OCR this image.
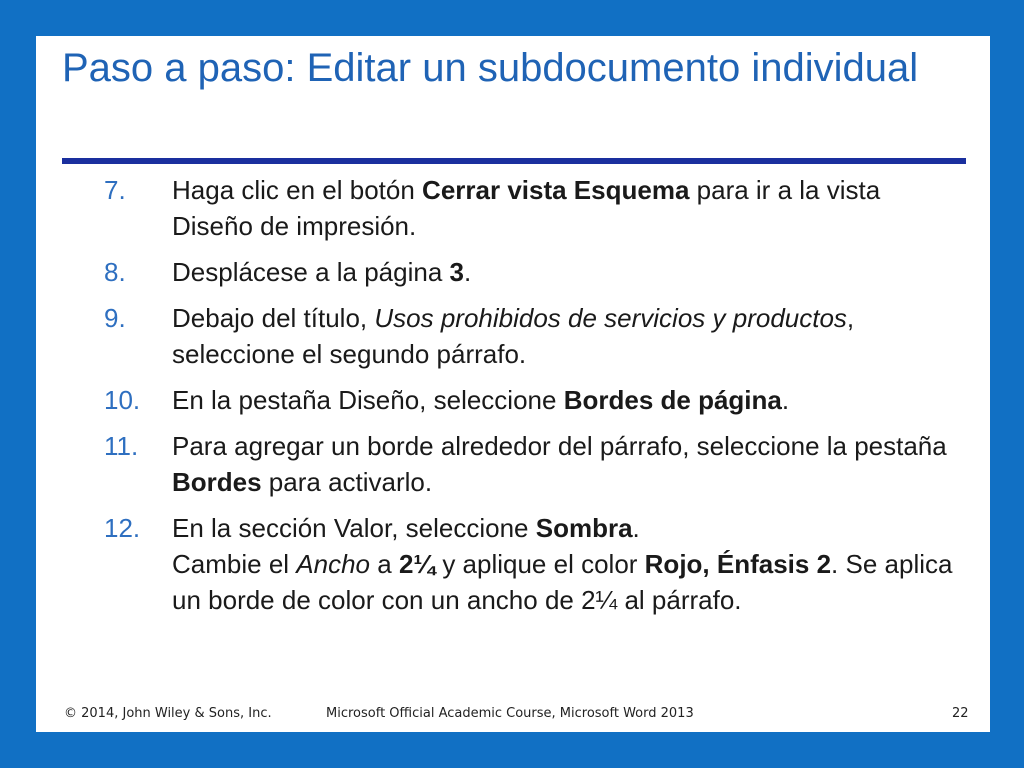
Paso a paso: Editar un subdocumento individual
7.	Haga clic en el botón Cerrar vista Esquema para ir a la vista Diseño de impresión.
8.	Desplácese a la página 3.
9.	Debajo del título, Usos prohibidos de servicios y productos, seleccione el segundo párrafo.
10.	En la pestaña Diseño, seleccione Bordes de página.
11.	Para agregar un borde alrededor del párrafo, seleccione la pestaña Bordes para activarlo.
12.	En la sección Valor, seleccione Sombra.
Cambie el Ancho a 2¼ y aplique el color Rojo, Énfasis 2. Se aplica un borde de color con un ancho de 2¼ al párrafo.
© 2014, John Wiley & Sons, Inc.	Microsoft Official Academic Course, Microsoft Word 2013	22
